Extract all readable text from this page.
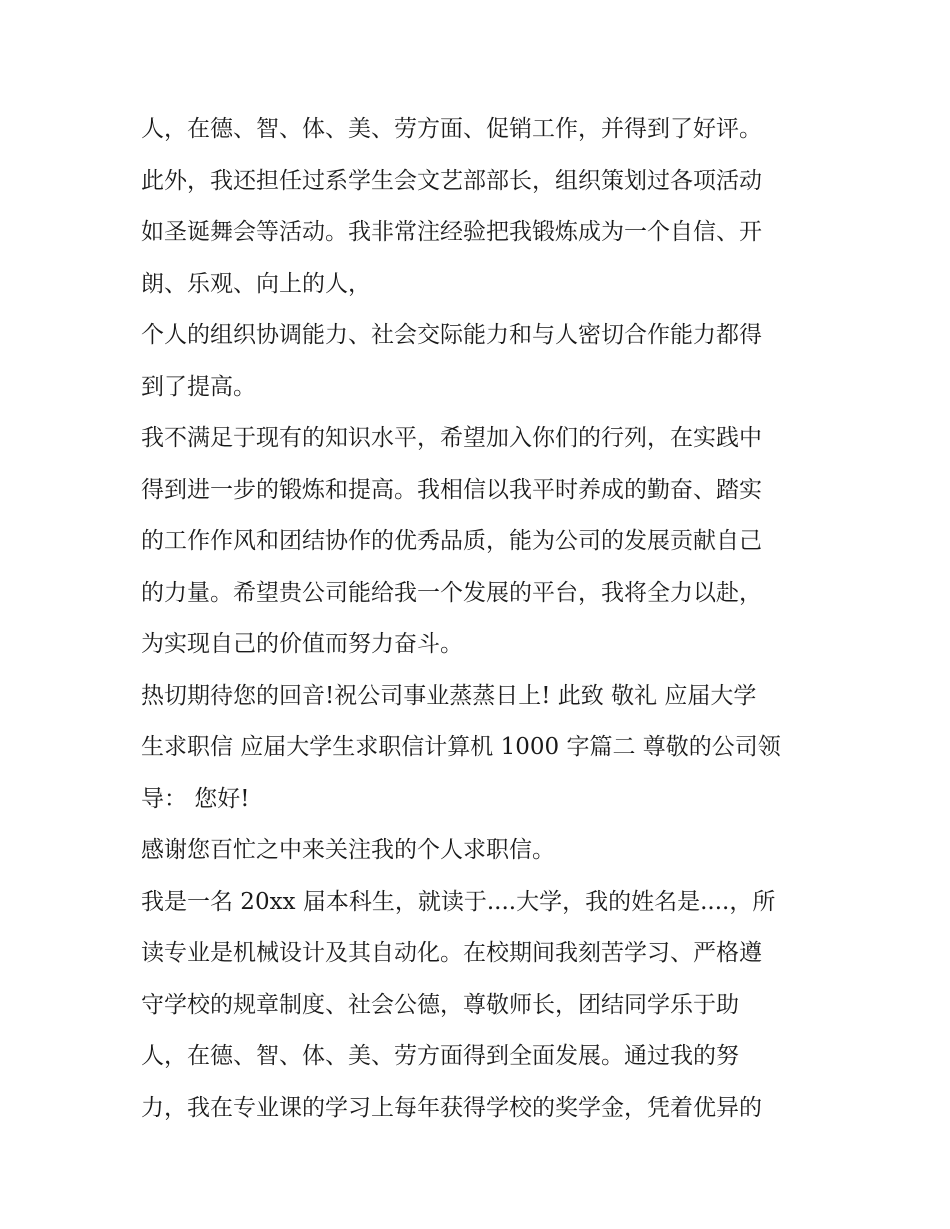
人，在德、智、体、美、劳方面、促销工作，并得到了好评。
此外，我还担任过系学生会文艺部部长，组织策划过各项活动
如圣诞舞会等活动。我非常注经验把我锻炼成为一个自信、开
朗、乐观、向上的人，
个人的组织协调能力、社会交际能力和与人密切合作能力都得
到了提高。
我不满足于现有的知识水平，希望加入你们的行列，在实践中
得到进一步的锻炼和提高。我相信以我平时养成的勤奋、踏实
的工作作风和团结协作的优秀品质，能为公司的发展贡献自己
的力量。希望贵公司能给我一个发展的平台，我将全力以赴，
为实现自己的价值而努力奋斗。
热切期待您的回音!祝公司事业蒸蒸日上! 此致 敬礼 应届大学
生求职信 应届大学生求职信计算机 1000 字篇二 尊敬的公司领
导： 您好!
感谢您百忙之中来关注我的个人求职信。
我是一名 20xx 届本科生，就读于....大学，我的姓名是....，所
读专业是机械设计及其自动化。在校期间我刻苦学习、严格遵
守学校的规章制度、社会公德，尊敬师长，团结同学乐于助
人，在德、智、体、美、劳方面得到全面发展。通过我的努
力，我在专业课的学习上每年获得学校的奖学金，凭着优异的
